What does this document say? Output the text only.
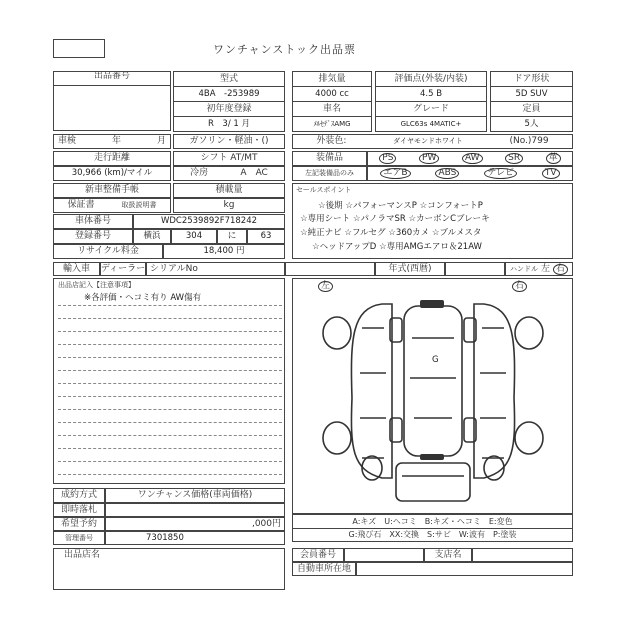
ワンチャンストック出品票
出品番号	型式
4BA　-253989
初年度登録
R　3/ 1 月
排気量
4000 cc
車名
ﾒﾙｾﾃﾞｽAMG
評価点(外装/内装)
4.5 B
グレード
GLC63s 4MATIC+
ドア形状
5D SUV
定員
5人
車検	年	月	ガソリン・軽油・()	外装色:	ダイヤモンドホワイト	(No.)799
走行距離
30,966 (km)/マイル
シフト AT/MT
冷房	A　AC
装備品
左記装備品のみ
PS	PW	AW	SR	革
エアB	ABS	テレビ	TV
新車整備手帳
保証書	取扱説明書
積載量
kg
セールスポイント
☆後期 ☆パフォーマンスP ☆コンフォートP
☆専用シート ☆パノラマSR ☆カーボンCブレーキ
☆純正ナビ ☆フルセグ ☆360カメ ☆ブルメスタ
☆ヘッドアップD ☆専用AMGエアロ＆21AW
車体番号	WDC2539892F718242
登録番号	横浜	304	に	63
リサイクル料金	18,400 円
輸入車	ディーラー シリアルNo	年式(西暦)	ハンドル 左 右
出品店記入【注意事項】
※各評価・ヘコミ有り AW傷有
左	右
G
A:キズ　U:ヘコミ　B:キズ・ヘコミ　E:変色
G:飛び石　XX:交換　S:サビ　W:波有　P:塗装
成約方式	ワンチャンス価格(車両価格)
即時落札
希望予約	,000円
管理番号	7301850
出品店名	会員番号	支店名
自動車所在地
